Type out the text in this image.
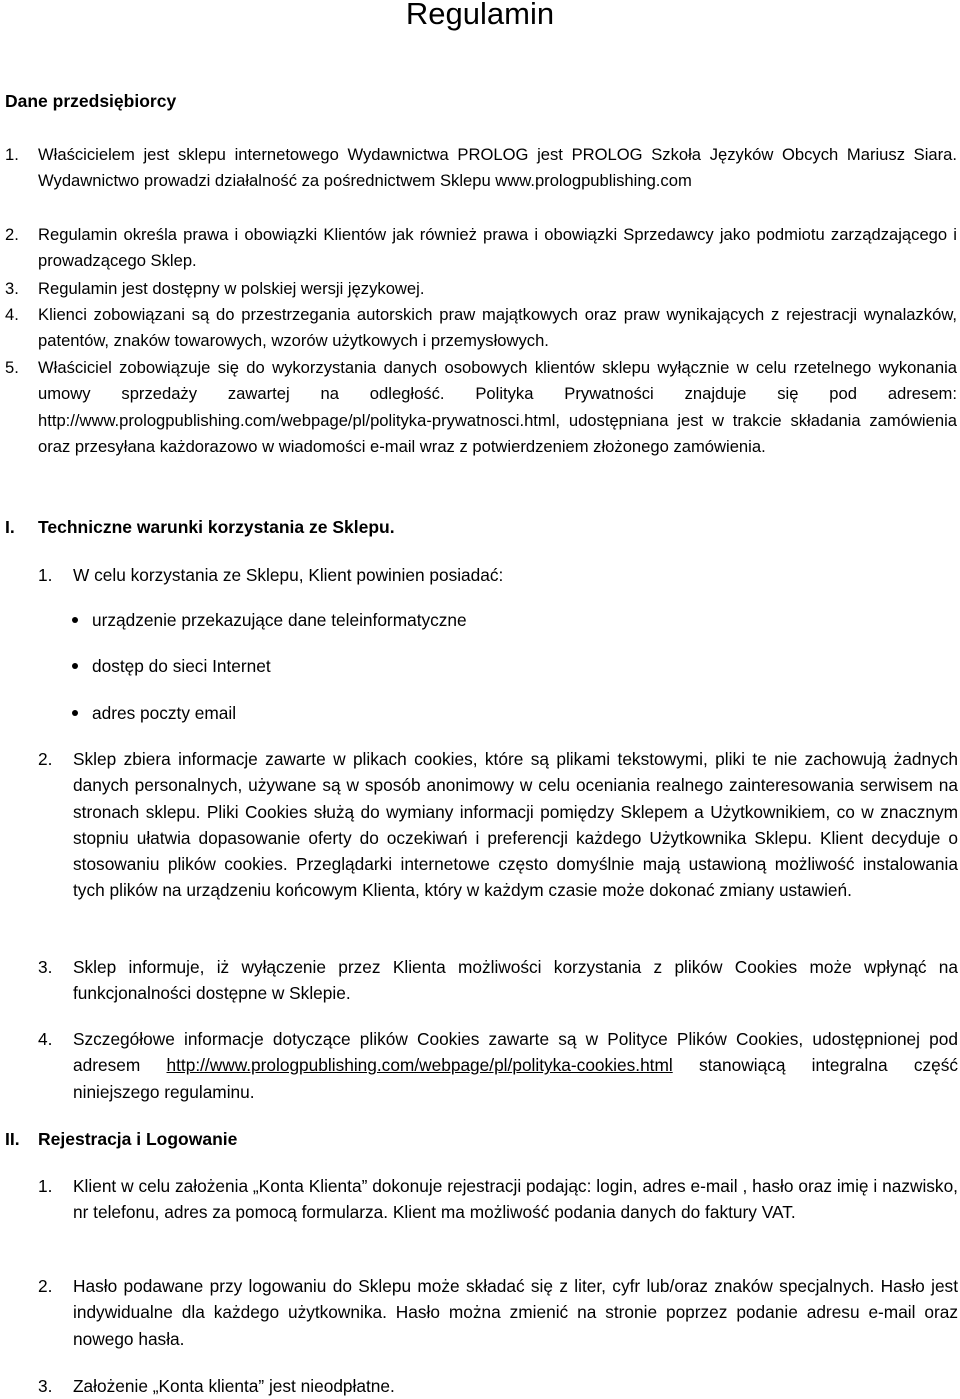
Regulamin
Dane przedsiębiorcy
1.	Właścicielem jest sklepu internetowego Wydawnictwa PROLOG jest PROLOG Szkoła Języków Obcych Mariusz Siara. Wydawnictwo prowadzi działalność za pośrednictwem Sklepu www.prologpublishing.com
2.	Regulamin określa prawa i obowiązki Klientów jak również prawa i obowiązki Sprzedawcy jako podmiotu zarządzającego i prowadzącego Sklep.
3.	Regulamin jest dostępny w polskiej wersji językowej.
4.	Klienci zobowiązani są do przestrzegania autorskich praw majątkowych oraz praw wynikających z rejestracji wynalazków, patentów, znaków towarowych, wzorów użytkowych i przemysłowych.
5.	Właściciel zobowiązuje się do wykorzystania danych osobowych klientów sklepu wyłącznie w celu rzetelnego wykonania umowy sprzedaży zawartej na odległość. Polityka Prywatności znajduje się pod adresem: http://www.prologpublishing.com/webpage/pl/polityka-prywatnosci.html, udostępniana jest w trakcie składania zamówienia oraz przesyłana każdorazowo w wiadomości e-mail wraz z potwierdzeniem złożonego zamówienia.
I.	Techniczne warunki korzystania ze Sklepu.
1.	W celu korzystania ze Sklepu, Klient powinien posiadać:
urządzenie przekazujące dane teleinformatyczne
dostęp do sieci Internet
adres poczty email
2.	Sklep zbiera informacje zawarte w plikach cookies, które są plikami tekstowymi, pliki te nie zachowują żadnych danych personalnych, używane są w sposób anonimowy w celu oceniania realnego zainteresowania serwisem na stronach sklepu. Pliki Cookies służą do wymiany informacji pomiędzy Sklepem a Użytkownikiem, co w znacznym stopniu ułatwia dopasowanie oferty do oczekiwań i preferencji każdego Użytkownika Sklepu. Klient decyduje o stosowaniu plików cookies. Przeglądarki internetowe często domyślnie mają ustawioną możliwość instalowania tych plików na urządzeniu końcowym Klienta, który w każdym czasie może dokonać zmiany ustawień.
3.	Sklep informuje, iż wyłączenie przez Klienta możliwości korzystania z plików Cookies może wpłynąć na funkcjonalności dostępne w Sklepie.
4.	Szczegółowe informacje dotyczące plików Cookies zawarte są w Polityce Plików Cookies, udostępnionej pod adresem http://www.prologpublishing.com/webpage/pl/polityka-cookies.html stanowiącą integralna część niniejszego regulaminu.
II.	Rejestracja i Logowanie
1.	Klient w celu założenia „Konta Klienta” dokonuje rejestracji podając: login, adres e-mail , hasło oraz imię i nazwisko, nr telefonu, adres za pomocą formularza. Klient ma możliwość podania danych do faktury VAT.
2.	Hasło podawane przy logowaniu do Sklepu może składać się z liter, cyfr lub/oraz znaków specjalnych. Hasło jest indywidualne dla każdego użytkownika. Hasło można zmienić na stronie poprzez podanie adresu e-mail oraz nowego hasła.
3.	Założenie „Konta klienta” jest nieodpłatne.
